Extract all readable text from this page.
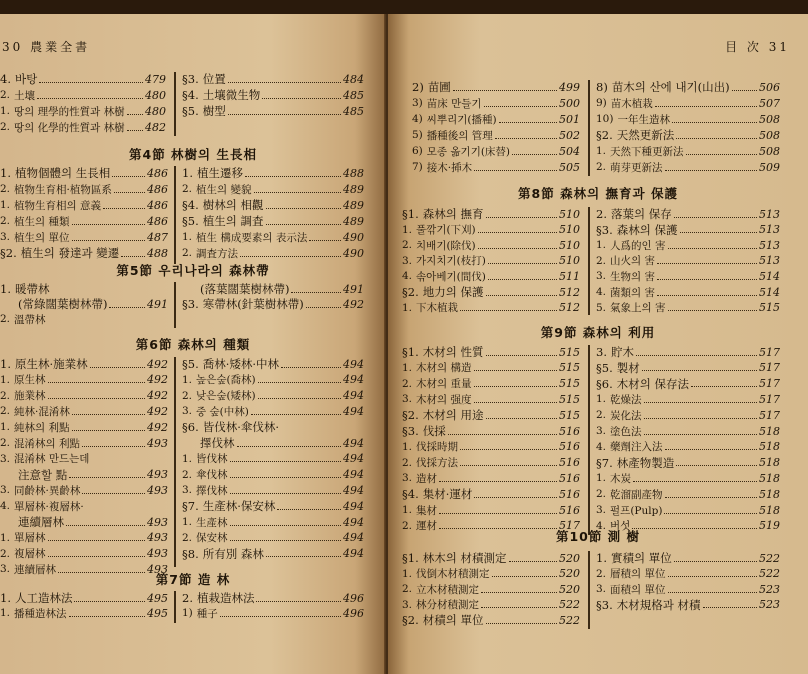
30 農業全書
4. 바탕	479
2. 土壤	480
1. 땅의 理學的性質과 林樹 480
2. 땅의 化學的性質과 林樹 482
§3. 位置	484
§4. 土壤微生物	485
§5. 樹型	485
第4節 林樹의 生長相
1. 植物個體의 生長相	486
2. 植物生育相·植物區系	486
1. 植物生育相의 意義	486
2. 植生의 種類	486
3. 植生의 單位	487
§2. 植生의 發達과 變遷	488
1. 植生遷移	488
2. 植生의 變貌	489
§4. 樹林의 相觀	489
§5. 植生의 調査	489
1. 植生 構成要素의 表示法	490
2. 調査方法	490
第5節 우리나라의 森林帶
1. 暖帶林
(常綠闊葉樹林帶)	491
2. 溫帶林
(落葉闊葉樹林帶)	491
§3. 寒帶林(針葉樹林帶)	492
第6節 森林의 種類
1. 原生林·施業林	492
1. 原生林	492
2. 施業林	492
2. 純林·混淆林	492
1. 純林의 利點	492
2. 混淆林의 利點	493
3. 混淆林 만드는데
注意할 點	493
3. 同齡林·異齡林	493
4. 單層林·複層林·
連續層林	493
1. 單層林	493
2. 複層林	493
3. 連續層林	493
§5. 喬林·矮林·中林	494
1. 높은숲(喬林)	494
2. 낮은숲(矮林)	494
3. 중 숲(中林)	494
§6. 皆伐林·傘伐林·
擇伐林	494
1. 皆伐林	494
2. 傘伐林	494
3. 擇伐林	494
§7. 生產林·保安林	494
1. 生產林	494
2. 保安林	494
§8. 所有別 森林	494
第7節 造 林
1. 人工造林法	495
1. 播種造林法	495
2. 植栽造林法	496
1) 種子	496
目 次 31
2) 苗圃	499
3) 苗床 만들기	500
4) 씨뿌리기(播種)	501
5) 播種後의 管理	502
6) 모종 옮기기(床替)	504
7) 接木·揷木	505
8) 苗木의 산에 내기(山出)	506
9) 苗木植栽	507
10) 一年生造林	508
§2. 天然更新法	508
1. 天然下種更新法	508
2. 萌芽更新法	509
第8節 森林의 撫育과 保護
§1. 森林의 撫育	510
1. 풀깎기(下刈)	510
2. 치배기(除伐)	510
3. 가지치기(枝打)	510
4. 솎아베기(間伐)	511
§2. 地力의 保護	512
1. 下木植栽	512
2. 落葉의 保存	513
§3. 森林의 保護	513
1. 人爲的인 害	513
2. 山火의 害	513
3. 生物의 害	514
4. 菌類의 害	514
5. 氣象上의 害	515
第9節 森林의 利用
§1. 木材의 性質	515
1. 木材의 構造	515
2. 木材의 重量	515
3. 木材의 强度	515
§2. 木材의 用途	515
§3. 伐採	516
1. 伐採時期	516
2. 伐採方法	516
3. 造材	516
§4. 集材·運材	516
1. 集材	516
2. 運材	517
3. 貯木	517
§5. 製材	517
§6. 木材의 保存法	517
1. 乾燥法	517
2. 炭化法	517
3. 塗色法	518
4. 藥劑注入法	518
§7. 林產物製造	518
1. 木炭	518
2. 乾溜副產物	518
3. 펄프(Pulp)	518
4. 버섯	519
第10節 測 樹
§1. 林木의 材積測定	520
1. 伐倒木材積測定	520
2. 立木材積測定	520
3. 林分材積測定	522
§2. 材積의 單位	522
1. 實積의 單位	522
2. 層積의 單位	522
3. 面積의 單位	523
§3. 木材規格과 材積	523
